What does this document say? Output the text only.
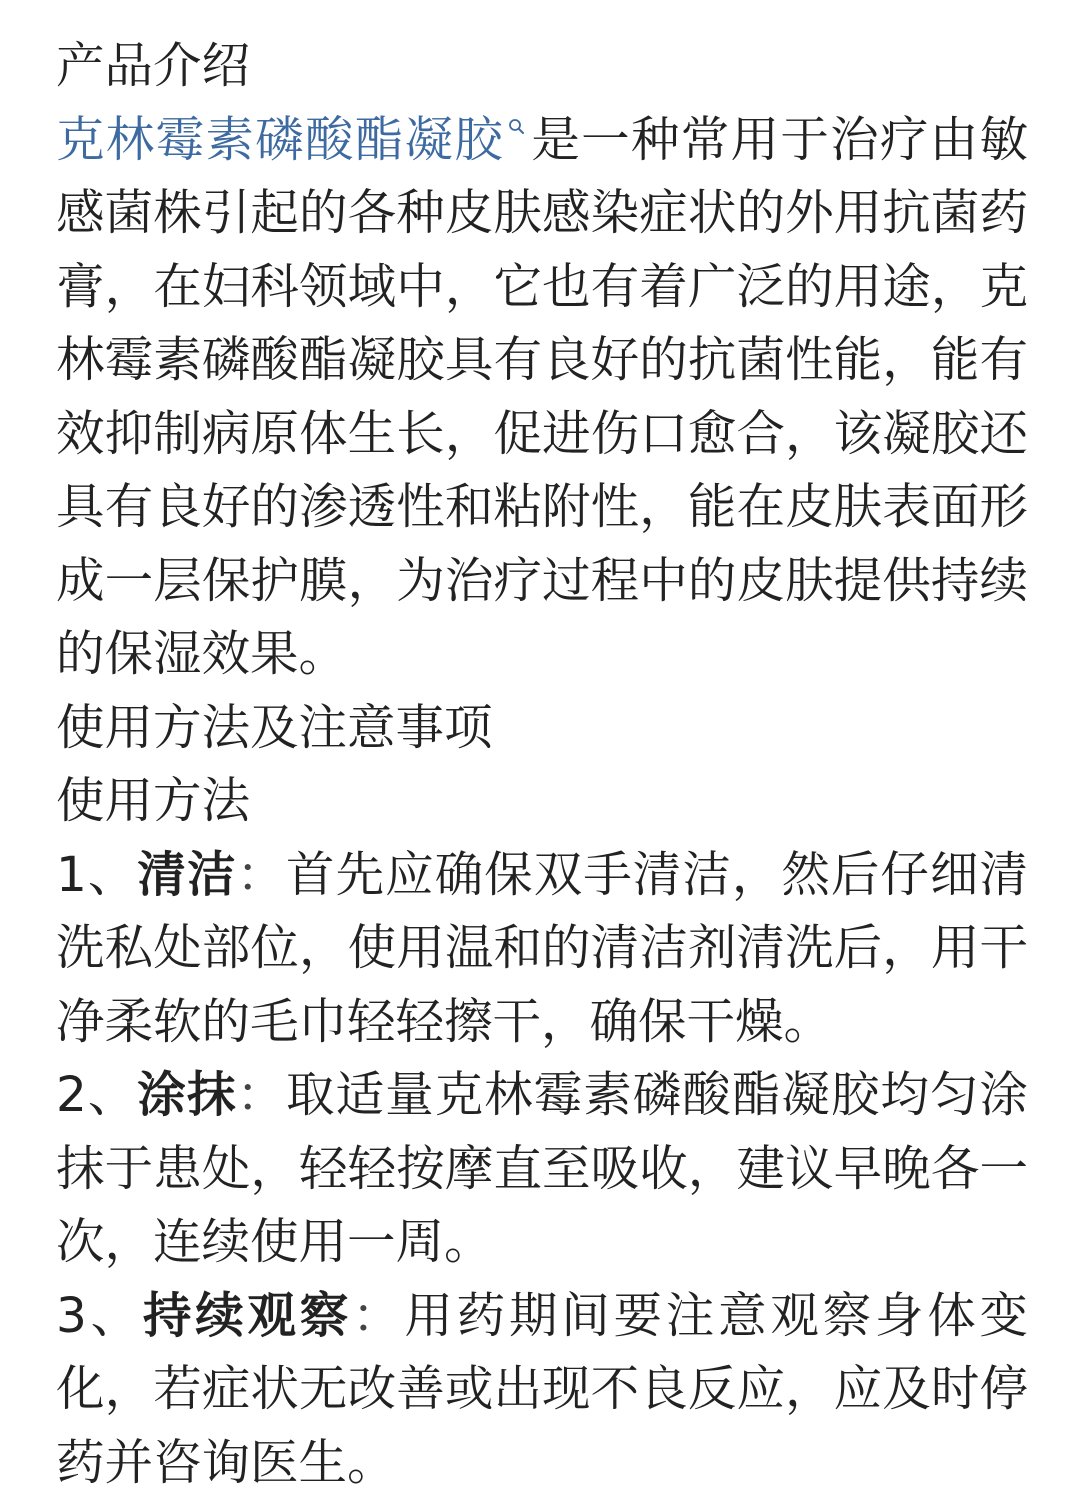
产品介绍

克林霉素磷酸酯凝胶 是一种常用于治疗由敏感菌株引起的各种皮肤感染症状的外用抗菌药膏，在妇科领域中，它也有着广泛的用途，克林霉素磷酸酯凝胶具有良好的抗菌性能，能有效抑制病原体生长，促进伤口愈合，该凝胶还具有良好的渗透性和粘附性，能在皮肤表面形成一层保护膜，为治疗过程中的皮肤提供持续的保湿效果。

使用方法及注意事项

使用方法

1、清洁：首先应确保双手清洁，然后仔细清洗私处部位，使用温和的清洁剂清洗后，用干净柔软的毛巾轻轻擦干，确保干燥。

2、涂抹：取适量克林霉素磷酸酯凝胶均匀涂抹于患处，轻轻按摩直至吸收，建议早晚各一次，连续使用一周。

3、持续观察：用药期间要注意观察身体变化，若症状无改善或出现不良反应，应及时停药并咨询医生。
